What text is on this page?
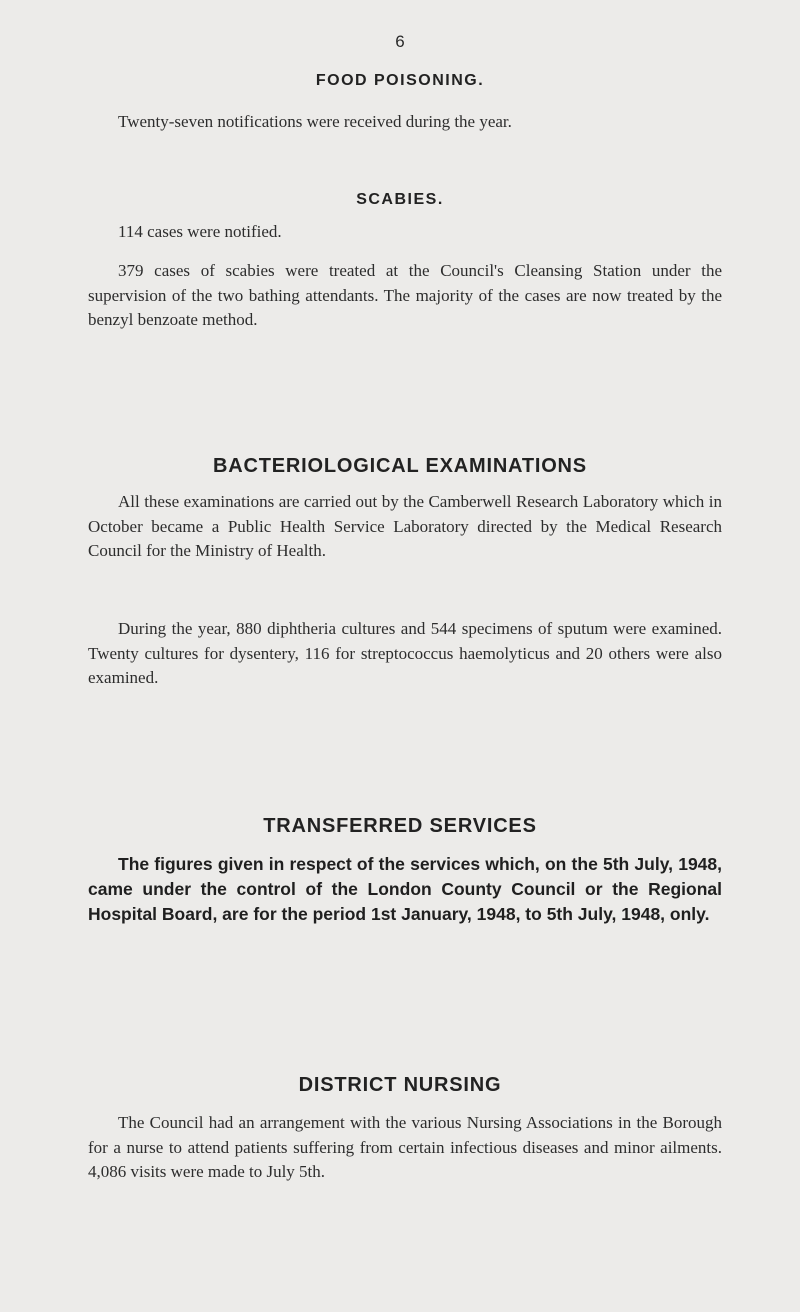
6
FOOD POISONING.
Twenty-seven notifications were received during the year.
SCABIES.
114 cases were notified.
379 cases of scabies were treated at the Council's Cleansing Station under the supervision of the two bathing attendants. The majority of the cases are now treated by the benzyl benzoate method.
BACTERIOLOGICAL EXAMINATIONS
All these examinations are carried out by the Camberwell Research Laboratory which in October became a Public Health Service Laboratory directed by the Medical Research Council for the Ministry of Health.
During the year, 880 diphtheria cultures and 544 specimens of sputum were examined. Twenty cultures for dysentery, 116 for streptococcus haemolyticus and 20 others were also examined.
TRANSFERRED SERVICES
The figures given in respect of the services which, on the 5th July, 1948, came under the control of the London County Council or the Regional Hospital Board, are for the period 1st January, 1948, to 5th July, 1948, only.
DISTRICT NURSING
The Council had an arrangement with the various Nursing Associations in the Borough for a nurse to attend patients suffering from certain infectious diseases and minor ailments. 4,086 visits were made to July 5th.
